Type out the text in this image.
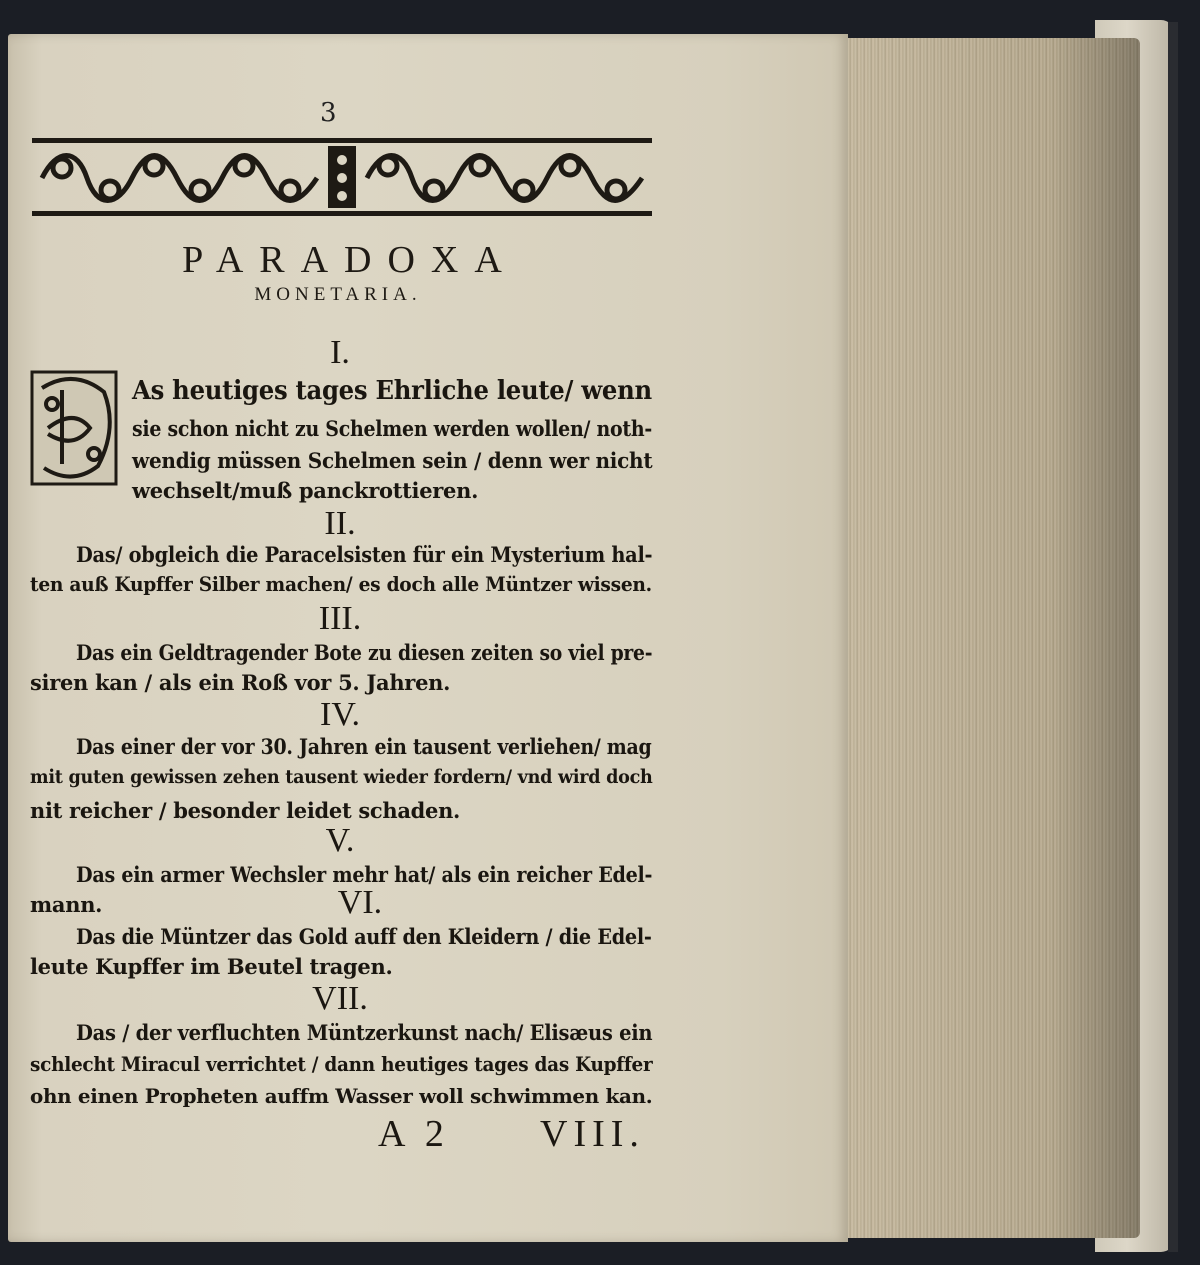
3
PARADOXA
MONETARIA.
I.
As heutiges tages Ehrliche leute/ wenn
sie schon nicht zu Schelmen werden wollen/ noth-
wendig müssen Schelmen sein / denn wer nicht
wechselt/muß panckrottieren.
II.
Das/ obgleich die Paracelsisten für ein Mysterium hal-
ten auß Kupffer Silber machen/ es doch alle Müntzer wissen.
III.
Das ein Geldtragender Bote zu diesen zeiten so viel pre-
siren kan / als ein Roß vor 5. Jahren.
IV.
Das einer der vor 30. Jahren ein tausent verliehen/ mag
mit guten gewissen zehen tausent wieder fordern/ vnd wird doch
nit reicher / besonder leidet schaden.
V.
Das ein armer Wechsler mehr hat/ als ein reicher Edel-
mann.	VI.
Das die Müntzer das Gold auff den Kleidern / die Edel-
leute Kupffer im Beutel tragen.
VII.
Das / der verfluchten Müntzerkunst nach/ Elisæus ein
schlecht Miracul verrichtet / dann heutiges tages das Kupffer
ohn einen Propheten auffm Wasser woll schwimmen kan.
A 2 VIII.
